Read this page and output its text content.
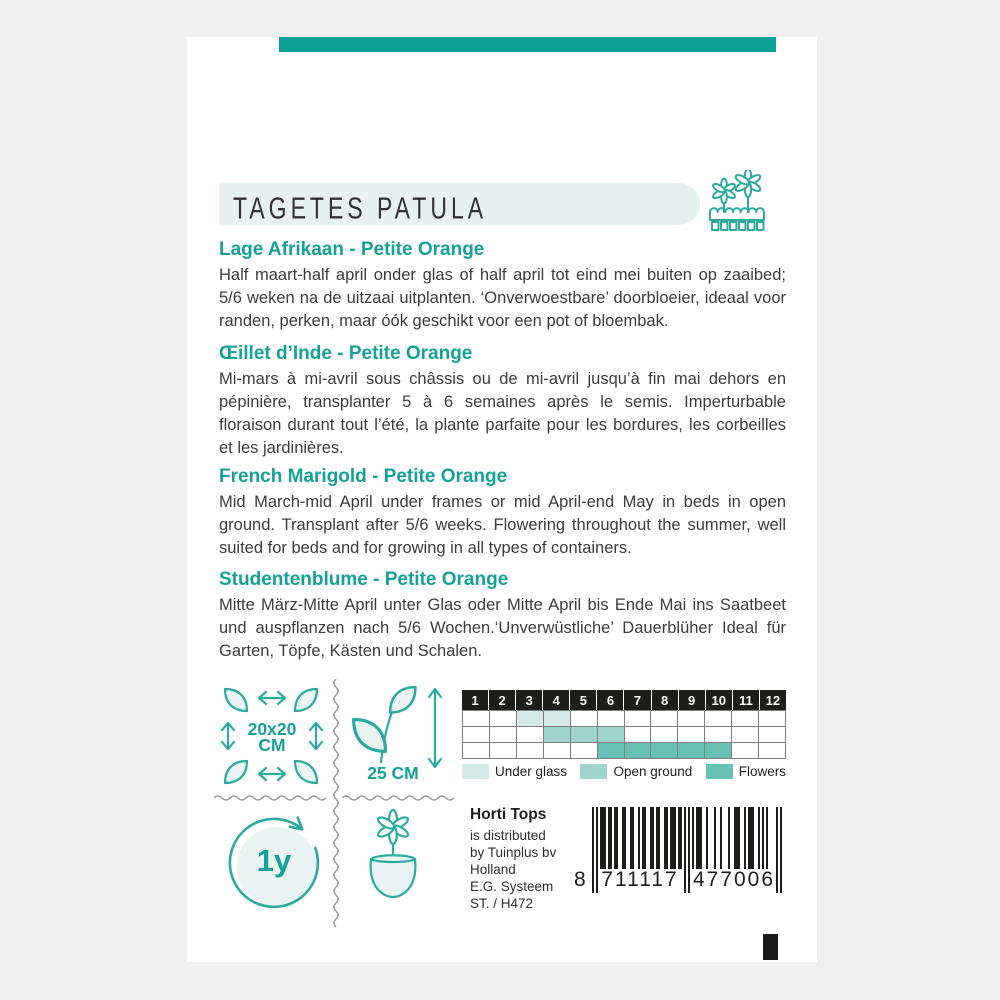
TAGETES PATULA
Lage Afrikaan - Petite Orange

Half maart-half april onder glas of half april tot eind mei buiten op zaaibed; 5/6 weken na de uitzaai uitplanten. ‘Onverwoestbare’ doorbloeier, ideaal voor randen, perken, maar óók geschikt voor een pot of bloembak.

Œillet d’Inde - Petite Orange

Mi-mars à mi-avril sous châssis ou de mi-avril jusqu’à fin mai dehors en pépinière, transplanter 5 à 6 semaines après le semis. Imperturbable floraison durant tout l’été, la plante parfaite pour les bordures, les corbeilles et les jardinières.

French Marigold - Petite Orange

Mid March-mid April under frames or mid April-end May in beds in open ground. Transplant after 5/6 weeks. Flowering throughout the summer, well suited for beds and for growing in all types of containers.

Studentenblume - Petite Orange

Mitte März-Mitte April unter Glas oder Mitte April bis Ende Mai ins Saatbeet und auspflanzen nach 5/6 Wochen.‘Unverwüstliche’ Dauerblüher Ideal für Garten, Töpfe, Kästen und Schalen.

20x20
CM
25 CM
1y
1	2	3	4	5	6	7	8	9	10 11 12
Under glass	Open ground	Flowers
Horti Tops
is distributed
by Tuinplus bv
Holland
E.G. Systeem
ST. / H472
8 711117 477006
